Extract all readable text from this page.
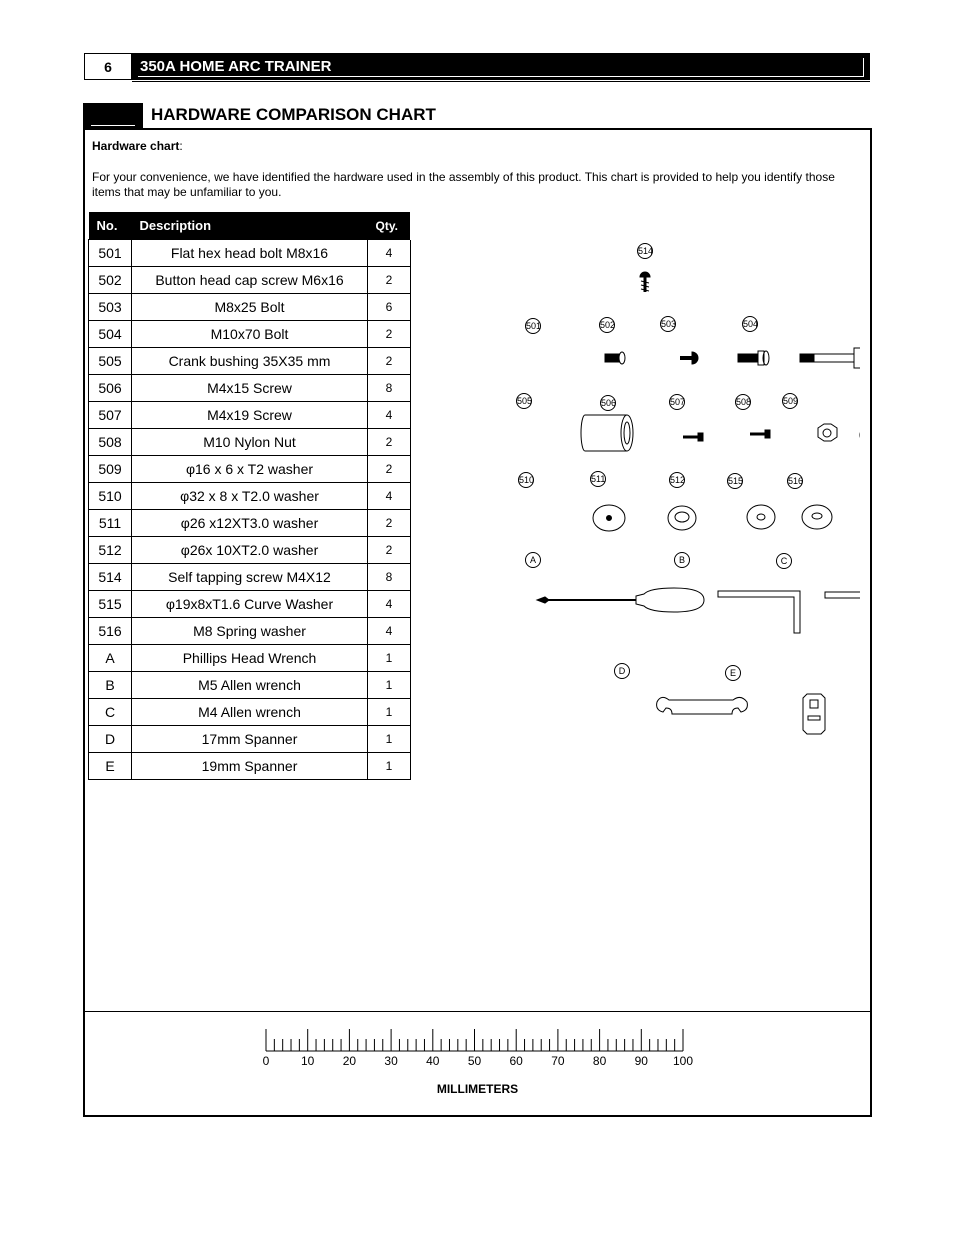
6	350A HOME ARC TRAINER
HARDWARE COMPARISON CHART
Hardware chart:
For your convenience, we have identified the hardware used in the assembly of this product. This chart is provided to help you identify those items that may be unfamiliar to you.
No.	Description	Qty.
501	Flat hex head bolt M8x16	4
502	Button head cap screw M6x16	2
503	M8x25 Bolt	6
504	M10x70 Bolt	2
505	Crank bushing 35X35 mm	2
506	M4x15 Screw	8
507	M4x19 Screw	4
508	M10 Nylon Nut	2
509	φ16 x 6 x T2 washer	2
510	φ32 x 8 x T2.0 washer	4
511	φ26 x12XT3.0 washer	2
512	φ26x 10XT2.0 washer	2
514	Self tapping screw M4X12	8
515	φ19x8xT1.6 Curve Washer	4
516	M8 Spring washer	4
A	Phillips Head Wrench	1
B	M5 Allen wrench	1
C	M4 Allen wrench	1
D	17mm Spanner	1
E	19mm Spanner	1
514
501	502	503	504
505	506	507	508	509
510	511	512	515	516
A	B	C
D	E
0	10	20	30	40	50	60	70	80	90	100
MILLIMETERS
